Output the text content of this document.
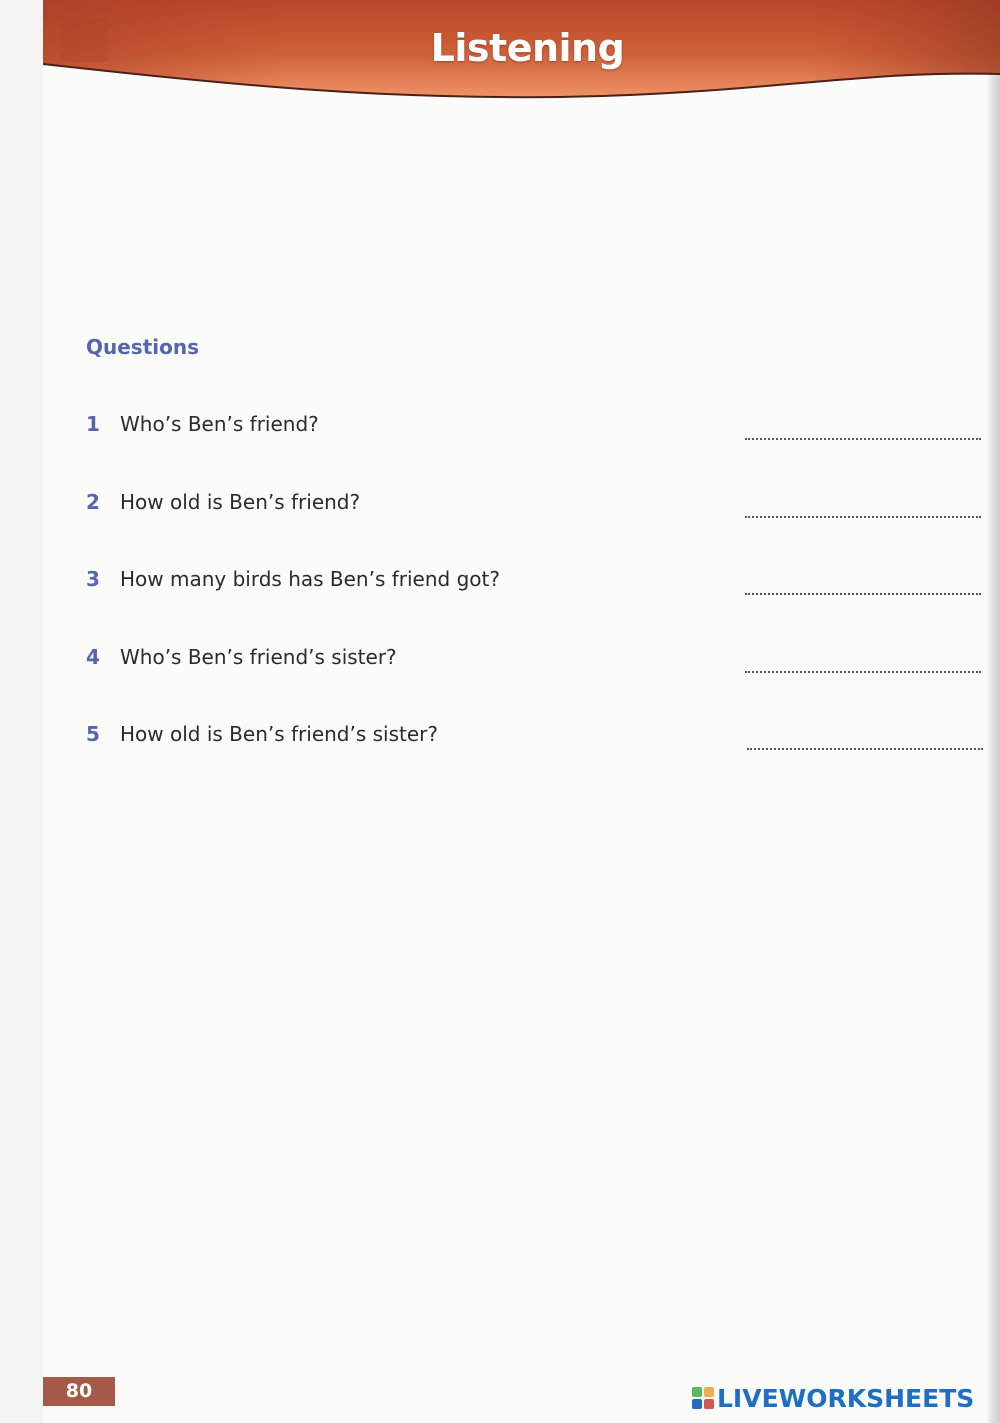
Listening
Questions
1 Who’s Ben’s friend?
2 How old is Ben’s friend?
3 How many birds has Ben’s friend got?
4 Who’s Ben’s friend’s sister?
5 How old is Ben’s friend’s sister?
80	LIVEWORKSHEETS
